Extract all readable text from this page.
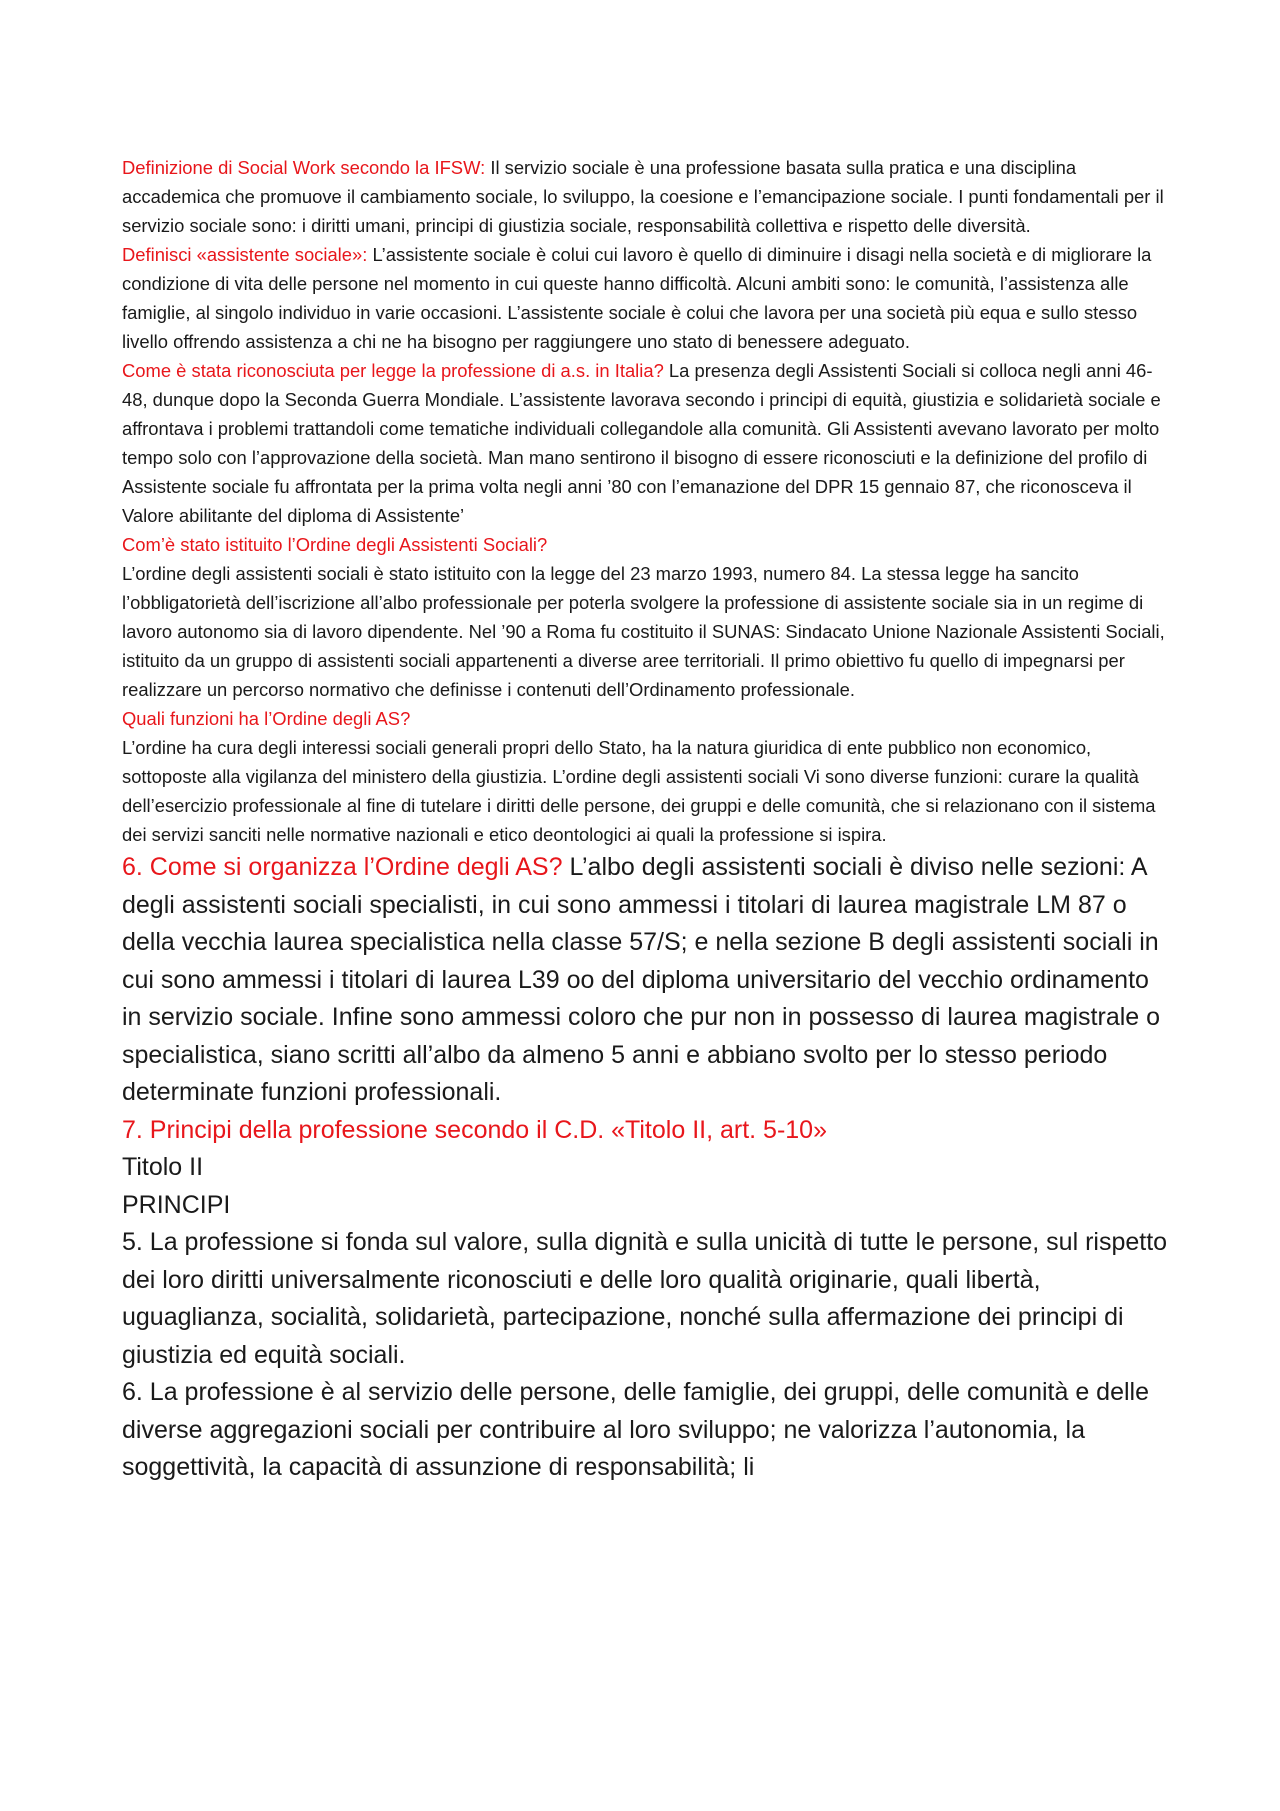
Definizione di Social Work secondo la IFSW: Il servizio sociale è una professione basata sulla pratica e una disciplina accademica che promuove il cambiamento sociale, lo sviluppo, la coesione e l’emancipazione sociale. I punti fondamentali per il servizio sociale sono: i diritti umani, principi di giustizia sociale, responsabilità collettiva e rispetto delle diversità.

Definisci «assistente sociale»: L’assistente sociale è colui cui lavoro è quello di diminuire i disagi nella società e di migliorare la condizione di vita delle persone nel momento in cui queste hanno difficoltà. Alcuni ambiti sono: le comunità, l’assistenza alle famiglie, al singolo individuo in varie occasioni. L’assistente sociale è colui che lavora per una società più equa e sullo stesso livello offrendo assistenza a chi ne ha bisogno per raggiungere uno stato di benessere adeguato.

Come è stata riconosciuta per legge la professione di a.s. in Italia? La presenza degli Assistenti Sociali si colloca negli anni 46-48, dunque dopo la Seconda Guerra Mondiale. L’assistente lavorava secondo i principi di equità, giustizia e solidarietà sociale e affrontava i problemi trattandoli come tematiche individuali collegandole alla comunità. Gli Assistenti avevano lavorato per molto tempo solo con l’approvazione della società. Man mano sentirono il bisogno di essere riconosciuti e la definizione del profilo di Assistente sociale fu affrontata per la prima volta negli anni ’80 con l’emanazione del DPR 15 gennaio 87, che riconosceva il Valore abilitante del diploma di Assistente’

Com’è stato istituito l’Ordine degli Assistenti Sociali?

L’ordine degli assistenti sociali è stato istituito con la legge del 23 marzo 1993, numero 84. La stessa legge ha sancito l’obbligatorietà dell’iscrizione all’albo professionale per poterla svolgere la professione di assistente sociale sia in un regime di lavoro autonomo sia di lavoro dipendente. Nel ’90 a Roma fu costituito il SUNAS: Sindacato Unione Nazionale Assistenti Sociali, istituito da un gruppo di assistenti sociali appartenenti a diverse aree territoriali. Il primo obiettivo fu quello di impegnarsi per realizzare un percorso normativo che definisse i contenuti dell’Ordinamento professionale.

Quali funzioni ha l’Ordine degli AS?

L’ordine ha cura degli interessi sociali generali propri dello Stato, ha la natura giuridica di ente pubblico non economico, sottoposte alla vigilanza del ministero della giustizia. L’ordine degli assistenti sociali Vi sono diverse funzioni: curare la qualità dell’esercizio professionale al fine di tutelare i diritti delle persone, dei gruppi e delle comunità, che si relazionano con il sistema dei servizi sanciti nelle normative nazionali e etico deontologici ai quali la professione si ispira.

6. Come si organizza l’Ordine degli AS? L’albo degli assistenti sociali è diviso nelle sezioni: A degli assistenti sociali specialisti, in cui sono ammessi i titolari di laurea magistrale LM 87 o della vecchia laurea specialistica nella classe 57/S; e nella sezione B degli assistenti sociali in cui sono ammessi i titolari di laurea L39 oo del diploma universitario del vecchio ordinamento in servizio sociale. Infine sono ammessi coloro che pur non in possesso di laurea magistrale o specialistica, siano scritti all’albo da almeno 5 anni e abbiano svolto per lo stesso periodo determinate funzioni professionali.

7. Principi della professione secondo il C.D. «Titolo II, art. 5-10»

Titolo II

PRINCIPI

5. La professione si fonda sul valore, sulla dignità e sulla unicità di tutte le persone, sul rispetto dei loro diritti universalmente riconosciuti e delle loro qualità originarie, quali libertà, uguaglianza, socialità, solidarietà, partecipazione, nonché sulla affermazione dei principi di giustizia ed equità sociali.

6. La professione è al servizio delle persone, delle famiglie, dei gruppi, delle comunità e delle diverse aggregazioni sociali per contribuire al loro sviluppo; ne valorizza l’autonomia, la soggettività, la capacità di assunzione di responsabilità; li
